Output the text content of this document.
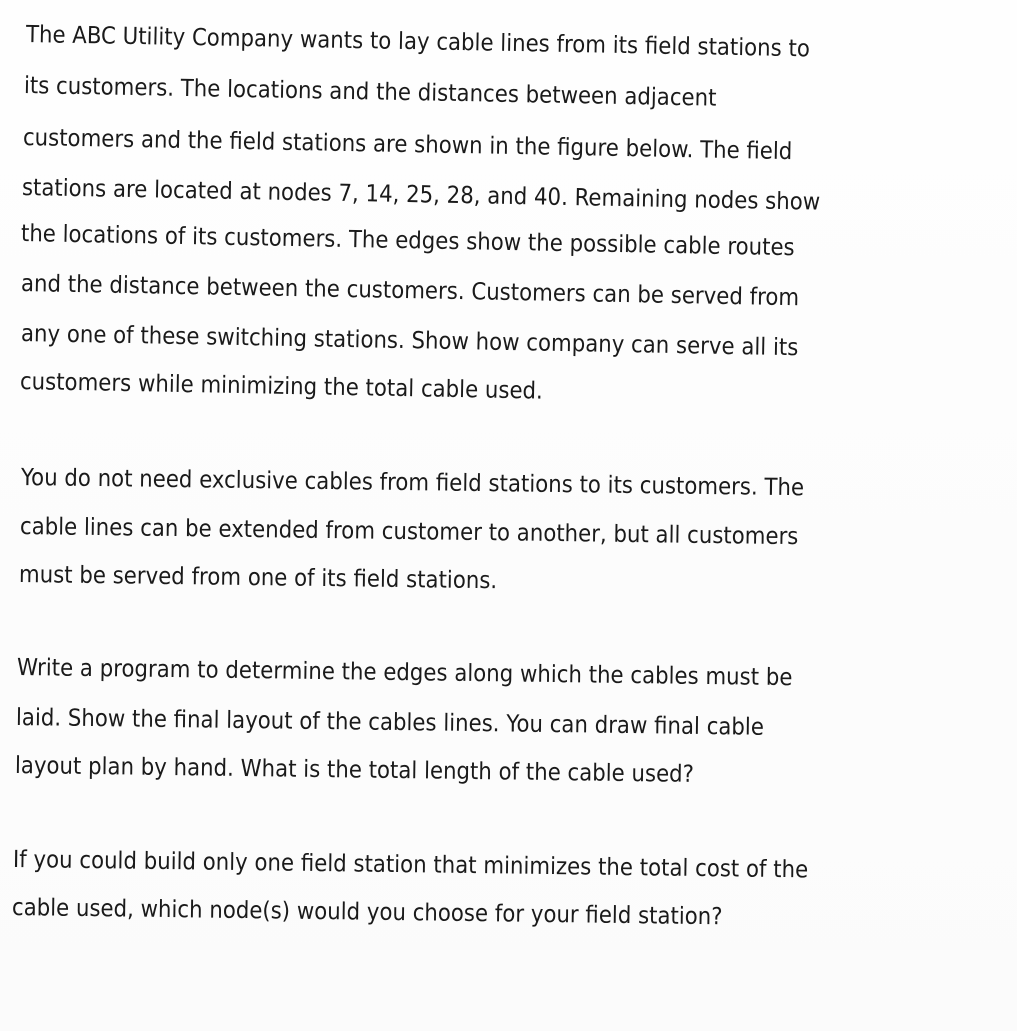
The ABC Utility Company wants to lay cable lines from its field stations to
its customers. The locations and the distances between adjacent
customers and the field stations are shown in the figure below. The field
stations are located at nodes 7, 14, 25, 28, and 40. Remaining nodes show
the locations of its customers. The edges show the possible cable routes
and the distance between the customers. Customers can be served from
any one of these switching stations. Show how company can serve all its
customers while minimizing the total cable used.
You do not need exclusive cables from field stations to its customers. The
cable lines can be extended from customer to another, but all customers
must be served from one of its field stations.
Write a program to determine the edges along which the cables must be
laid. Show the final layout of the cables lines. You can draw final cable
layout plan by hand. What is the total length of the cable used?
If you could build only one field station that minimizes the total cost of the
cable used, which node(s) would you choose for your field station?
